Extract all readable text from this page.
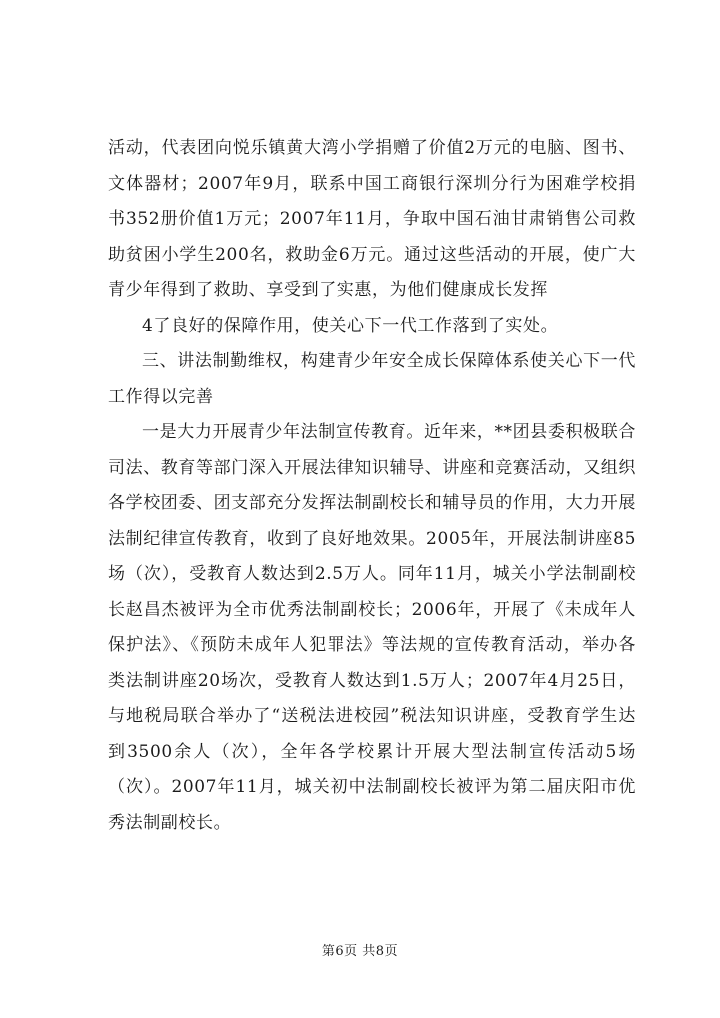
活动，代表团向悦乐镇黄大湾小学捐赠了价值2万元的电脑、图书、文体器材；2007年9月，联系中国工商银行深圳分行为困难学校捐书352册价值1万元；2007年11月，争取中国石油甘肃销售公司救助贫困小学生200名，救助金6万元。通过这些活动的开展，使广大青少年得到了救助、享受到了实惠，为他们健康成长发挥

4了良好的保障作用，使关心下一代工作落到了实处。

三、讲法制勤维权，构建青少年安全成长保障体系使关心下一代工作得以完善

一是大力开展青少年法制宣传教育。近年来，**团县委积极联合司法、教育等部门深入开展法律知识辅导、讲座和竞赛活动，又组织各学校团委、团支部充分发挥法制副校长和辅导员的作用，大力开展法制纪律宣传教育，收到了良好地效果。2005年，开展法制讲座85场（次），受教育人数达到2.5万人。同年11月，城关小学法制副校长赵昌杰被评为全市优秀法制副校长；2006年，开展了《未成年人保护法》、《预防未成年人犯罪法》等法规的宣传教育活动，举办各类法制讲座20场次，受教育人数达到1.5万人；2007年4月25日，与地税局联合举办了“送税法进校园”税法知识讲座，受教育学生达到3500余人（次），全年各学校累计开展大型法制宣传活动5场（次）。2007年11月，城关初中法制副校长被评为第二届庆阳市优秀法制副校长。

第6页 共8页
